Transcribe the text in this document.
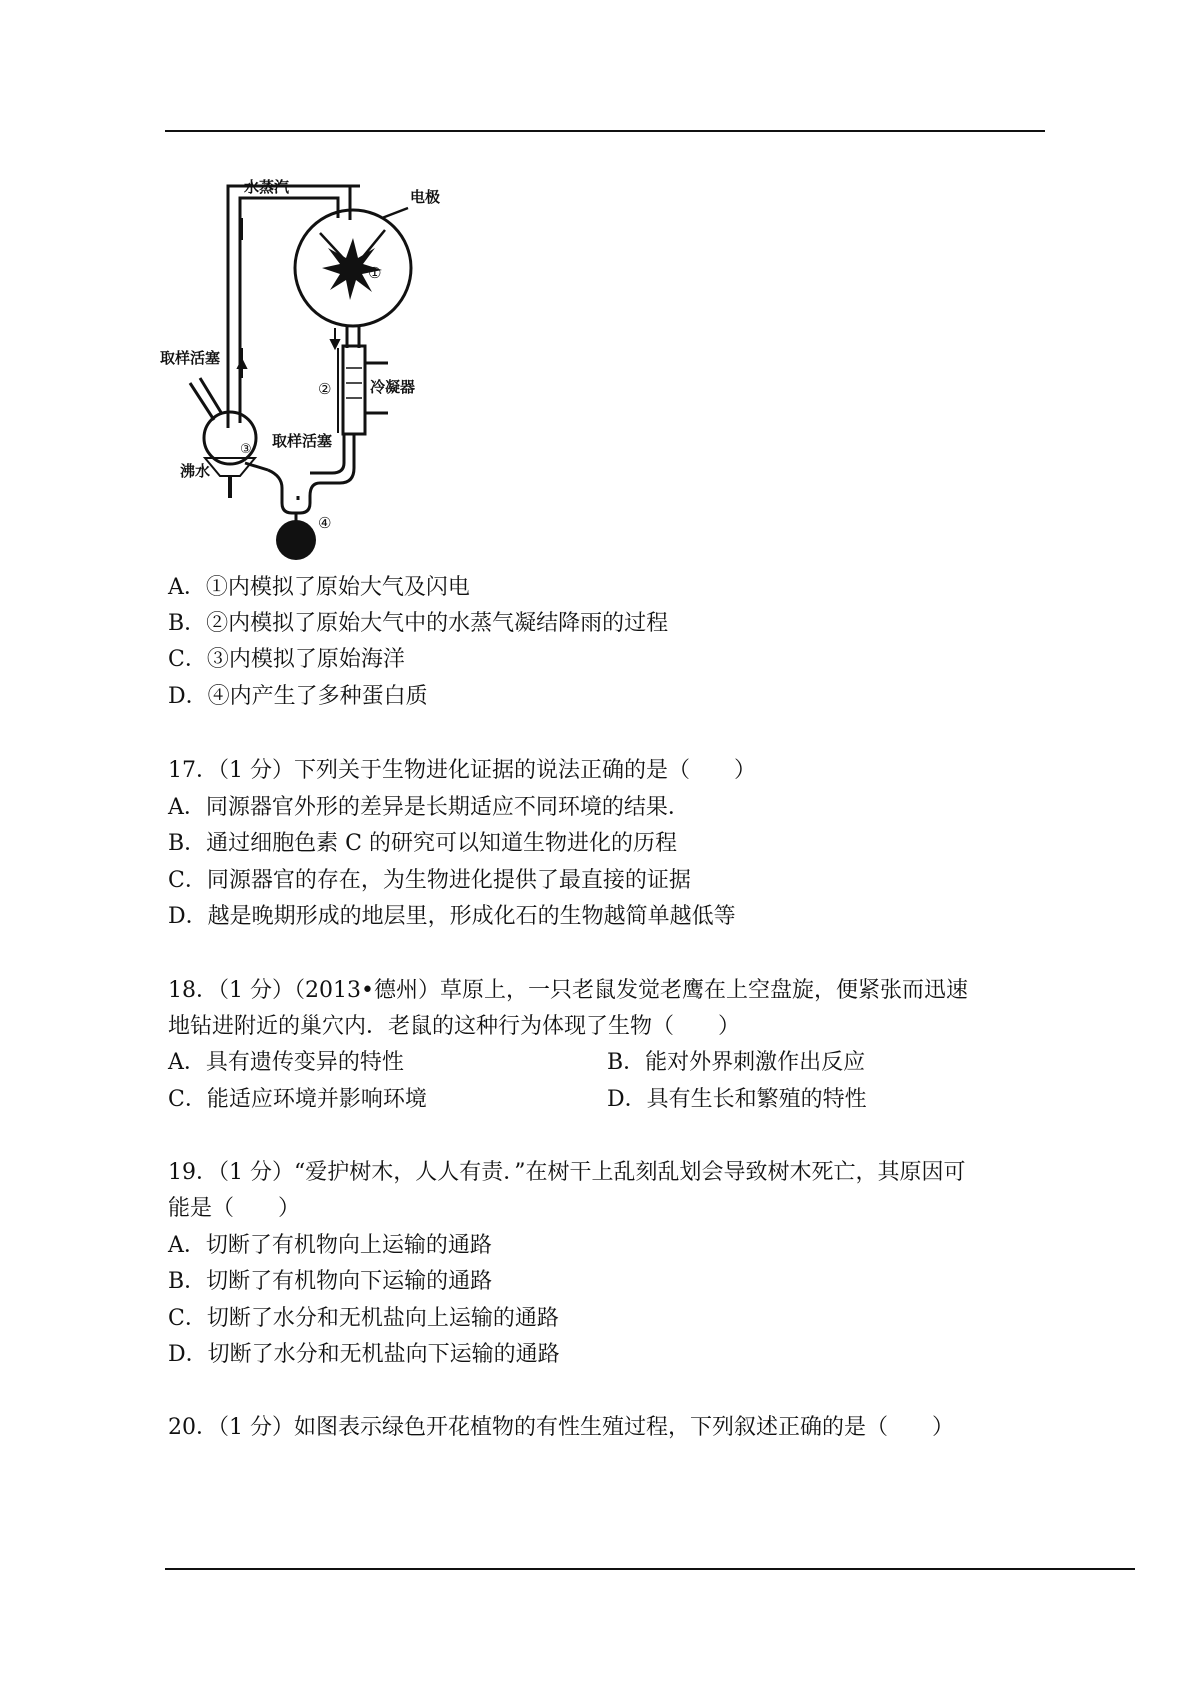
水蒸汽
电极
①
②	冷凝器
取样活塞
取样活塞
③
沸水
④
A．①内模拟了原始大气及闪电
B．②内模拟了原始大气中的水蒸气凝结降雨的过程
C．③内模拟了原始海洋
D．④内产生了多种蛋白质
17．（1 分）下列关于生物进化证据的说法正确的是（　　）
A．同源器官外形的差异是长期适应不同环境的结果．
B．通过细胞色素 C 的研究可以知道生物进化的历程
C．同源器官的存在，为生物进化提供了最直接的证据
D．越是晚期形成的地层里，形成化石的生物越简单越低等
18．（1 分）（2013•德州）草原上，一只老鼠发觉老鹰在上空盘旋，便紧张而迅速
地钻进附近的巢穴内．老鼠的这种行为体现了生物（　　）
A．具有遗传变异的特性	B．能对外界刺激作出反应
C．能适应环境并影响环境	D．具有生长和繁殖的特性
19．（1 分）“爱护树木，人人有责．”在树干上乱刻乱划会导致树木死亡，其原因可
能是（　　）
A．切断了有机物向上运输的通路
B．切断了有机物向下运输的通路
C．切断了水分和无机盐向上运输的通路
D．切断了水分和无机盐向下运输的通路
20．（1 分）如图表示绿色开花植物的有性生殖过程，下列叙述正确的是（　　）
